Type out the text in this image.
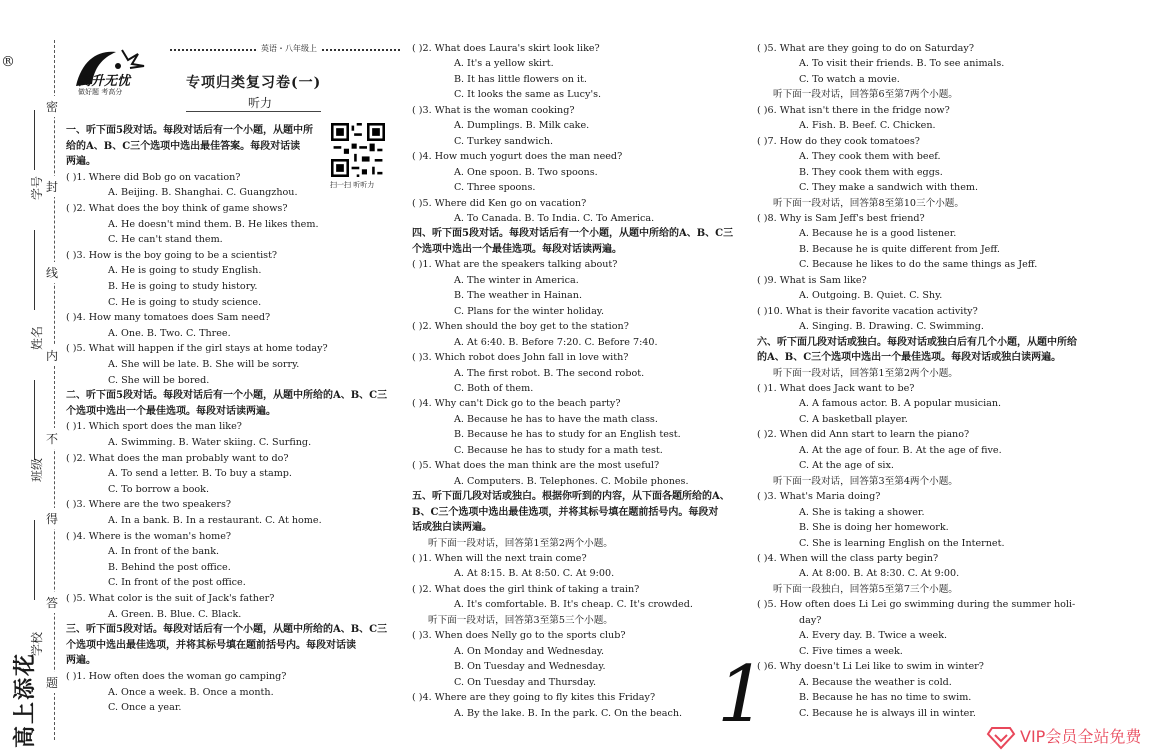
®
密
封
线
内
不
得
答
题
学号
姓名
班级
学校
高上添花
高升无忧
做好题 考高分
英语・八年级上
专项归类复习卷(一)
听力
扫一扫 听听力
一、听下面5段对话。每段对话后有一个小题，从题中所
给的A、B、C三个选项中选出最佳答案。每段对话读
两遍。
( )1. Where did Bob go on vacation?
A. Beijing. B. Shanghai. C. Guangzhou.
( )2. What does the boy think of game shows?
A. He doesn't mind them. B. He likes them.
C. He can't stand them.
( )3. How is the boy going to be a scientist?
A. He is going to study English.
B. He is going to study history.
C. He is going to study science.
( )4. How many tomatoes does Sam need?
A. One. B. Two. C. Three.
( )5. What will happen if the girl stays at home today?
A. She will be late. B. She will be sorry.
C. She will be bored.
二、听下面5段对话。每段对话后有一个小题，从题中所给的A、B、C三
个选项中选出一个最佳选项。每段对话读两遍。
( )1. Which sport does the man like?
A. Swimming. B. Water skiing. C. Surfing.
( )2. What does the man probably want to do?
A. To send a letter. B. To buy a stamp.
C. To borrow a book.
( )3. Where are the two speakers?
A. In a bank. B. In a restaurant. C. At home.
( )4. Where is the woman's home?
A. In front of the bank.
B. Behind the post office.
C. In front of the post office.
( )5. What color is the suit of Jack's father?
A. Green. B. Blue. C. Black.
三、听下面5段对话。每段对话后有一个小题，从题中所给的A、B、C三
个选项中选出最佳选项，并将其标号填在题前括号内。每段对话读
两遍。
( )1. How often does the woman go camping?
A. Once a week. B. Once a month.
C. Once a year.
( )2. What does Laura's skirt look like?
A. It's a yellow skirt.
B. It has little flowers on it.
C. It looks the same as Lucy's.
( )3. What is the woman cooking?
A. Dumplings. B. Milk cake.
C. Turkey sandwich.
( )4. How much yogurt does the man need?
A. One spoon. B. Two spoons.
C. Three spoons.
( )5. Where did Ken go on vacation?
A. To Canada. B. To India. C. To America.
四、听下面5段对话。每段对话后有一个小题，从题中所给的A、B、C三
个选项中选出一个最佳选项。每段对话读两遍。
( )1. What are the speakers talking about?
A. The winter in America.
B. The weather in Hainan.
C. Plans for the winter holiday.
( )2. When should the boy get to the station?
A. At 6:40. B. Before 7:20. C. Before 7:40.
( )3. Which robot does John fall in love with?
A. The first robot. B. The second robot.
C. Both of them.
( )4. Why can't Dick go to the beach party?
A. Because he has to have the math class.
B. Because he has to study for an English test.
C. Because he has to study for a math test.
( )5. What does the man think are the most useful?
A. Computers. B. Telephones. C. Mobile phones.
五、听下面几段对话或独白。根据你听到的内容，从下面各题所给的A、
B、C三个选项中选出最佳选项，并将其标号填在题前括号内。每段对
话或独白读两遍。
听下面一段对话，回答第1至第2两个小题。
( )1. When will the next train come?
A. At 8:15. B. At 8:50. C. At 9:00.
( )2. What does the girl think of taking a train?
A. It's comfortable. B. It's cheap. C. It's crowded.
听下面一段对话，回答第3至第5三个小题。
( )3. When does Nelly go to the sports club?
A. On Monday and Wednesday.
B. On Tuesday and Wednesday.
C. On Tuesday and Thursday.
( )4. Where are they going to fly kites this Friday?
A. By the lake. B. In the park. C. On the beach.
( )5. What are they going to do on Saturday?
A. To visit their friends. B. To see animals.
C. To watch a movie.
听下面一段对话，回答第6至第7两个小题。
( )6. What isn't there in the fridge now?
A. Fish. B. Beef. C. Chicken.
( )7. How do they cook tomatoes?
A. They cook them with beef.
B. They cook them with eggs.
C. They make a sandwich with them.
听下面一段对话，回答第8至第10三个小题。
( )8. Why is Sam Jeff's best friend?
A. Because he is a good listener.
B. Because he is quite different from Jeff.
C. Because he likes to do the same things as Jeff.
( )9. What is Sam like?
A. Outgoing. B. Quiet. C. Shy.
( )10. What is their favorite vacation activity?
A. Singing. B. Drawing. C. Swimming.
六、听下面几段对话或独白。每段对话或独白后有几个小题，从题中所给
的A、B、C三个选项中选出一个最佳选项。每段对话或独白读两遍。
听下面一段对话，回答第1至第2两个小题。
( )1. What does Jack want to be?
A. A famous actor. B. A popular musician.
C. A basketball player.
( )2. When did Ann start to learn the piano?
A. At the age of four. B. At the age of five.
C. At the age of six.
听下面一段对话，回答第3至第4两个小题。
( )3. What's Maria doing?
A. She is taking a shower.
B. She is doing her homework.
C. She is learning English on the Internet.
( )4. When will the class party begin?
A. At 8:00. B. At 8:30. C. At 9:00.
听下面一段独白，回答第5至第7三个小题。
( )5. How often does Li Lei go swimming during the summer holi-
day?
A. Every day. B. Twice a week.
C. Five times a week.
( )6. Why doesn't Li Lei like to swim in winter?
A. Because the weather is cold.
B. Because he has no time to swim.
C. Because he is always ill in winter.
1	VIP会员全站免费
